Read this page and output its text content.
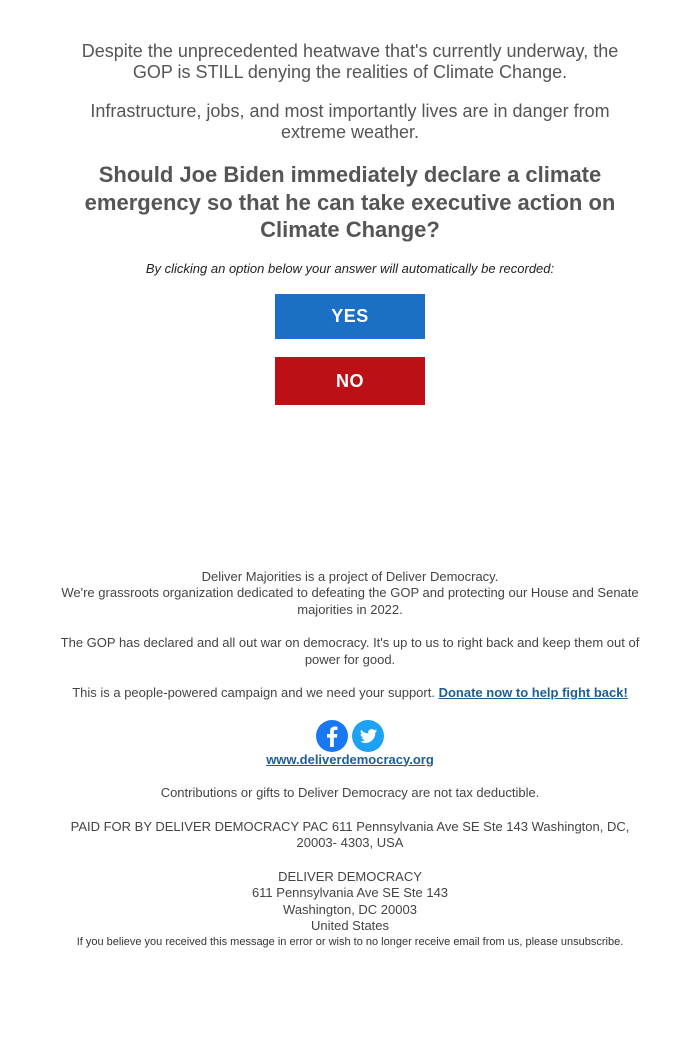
Despite the unprecedented heatwave that's currently underway, the GOP is STILL denying the realities of Climate Change.

Infrastructure, jobs, and most importantly lives are in danger from extreme weather.

Should Joe Biden immediately declare a climate emergency so that he can take executive action on Climate Change?
By clicking an option below your answer will automatically be recorded:
YES
NO

Deliver Majorities is a project of Deliver Democracy.

We're grassroots organization dedicated to defeating the GOP and protecting our House and Senate majorities in 2022.

The GOP has declared and all out war on democracy. It's up to us to right back and keep them out of power for good.

This is a people-powered campaign and we need your support. Donate now to help fight back!

www.deliverdemocracy.org

Contributions or gifts to Deliver Democracy are not tax deductible.

PAID FOR BY DELIVER DEMOCRACY PAC 611 Pennsylvania Ave SE Ste 143 Washington, DC, 20003- 4303, USA

DELIVER DEMOCRACY

611 Pennsylvania Ave SE Ste 143

Washington, DC 20003

United States

If you believe you received this message in error or wish to no longer receive email from us, please unsubscribe.
